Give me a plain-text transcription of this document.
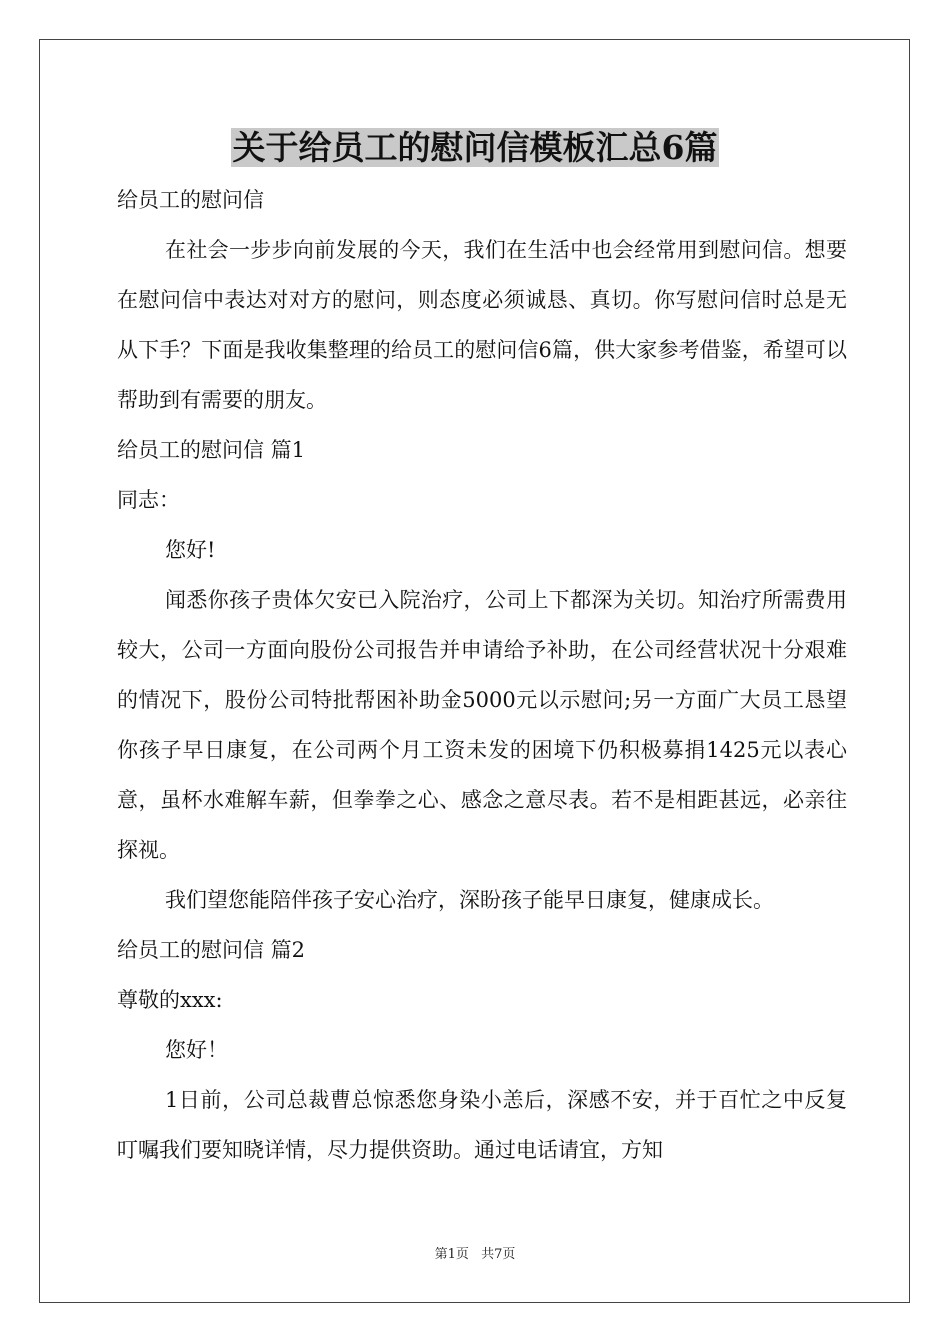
关于给员工的慰问信模板汇总6篇

给员工的慰问信

在社会一步步向前发展的今天，我们在生活中也会经常用到慰问信。想要在慰问信中表达对对方的慰问，则态度必须诚恳、真切。你写慰问信时总是无从下手？下面是我收集整理的给员工的慰问信6篇，供大家参考借鉴，希望可以帮助到有需要的朋友。

给员工的慰问信 篇1

同志：

您好!

闻悉你孩子贵体欠安已入院治疗，公司上下都深为关切。知治疗所需费用较大，公司一方面向股份公司报告并申请给予补助，在公司经营状况十分艰难的情况下，股份公司特批帮困补助金5000元以示慰问;另一方面广大员工恳望你孩子早日康复，在公司两个月工资未发的困境下仍积极募捐1425元以表心意，虽杯水难解车薪，但拳拳之心、感念之意尽表。若不是相距甚远，必亲往探视。

我们望您能陪伴孩子安心治疗，深盼孩子能早日康复，健康成长。

给员工的慰问信 篇2

尊敬的xxx:

您好！

1日前，公司总裁曹总惊悉您身染小恙后，深感不安，并于百忙之中反复叮嘱我们要知晓详情，尽力提供资助。通过电话请宜，方知

第1页 共7页
